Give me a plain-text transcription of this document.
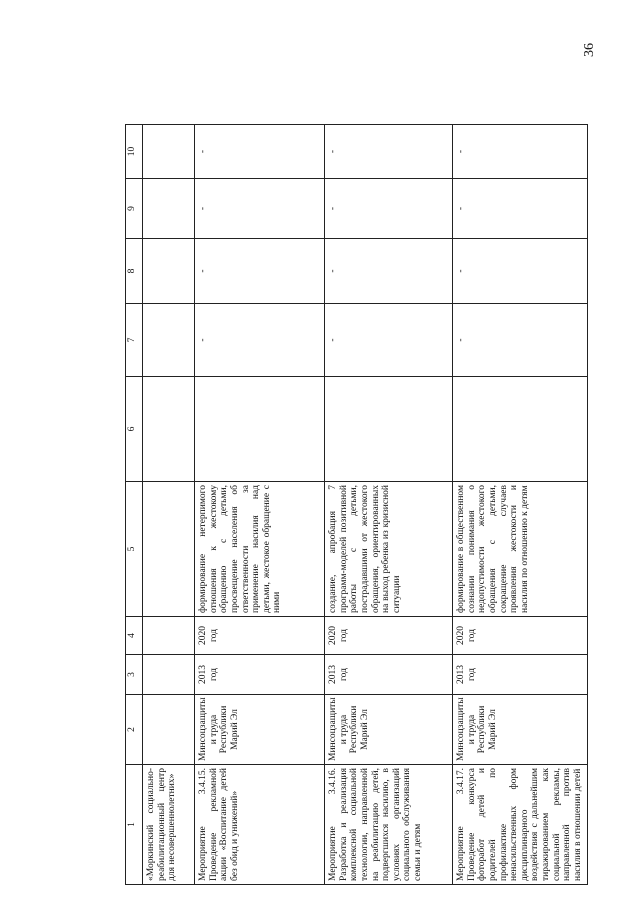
36
1	2	3	4	5	6	7	8	9	10
«Моркинский социально-реабилитационный центр для несовершеннолетних»									
Мероприятие 3.4.15. Проведение рекламной акции «Воспитание детей без обид и унижений»	Минсоцзащиты и труда Республики Марий Эл	2013 год	2020 год	формирование нетерпимого отношения к жестокому обращению с детьми, просвещение населения об ответственности за применение насилия над детьми, жестокое обращение с ними		-	-	-	-
Мероприятие 3.4.16. Разработка и реализация комплексной социальной технологии, направленной на реабилитацию детей, подвергшихся насилию, в условиях организаций социального обслуживания семьи и детям	Минсоцзащиты и труда Республики Марий Эл	2013 год	2020 год	создание, апробация 7 программ-моделей позитивной работы с детьми, пострадавшими от жестокого обращения, ориентированных на выход ребенка из кризисной ситуации		-	-	-	-
Мероприятие 3.4.17. Проведение конкурса фоторабот детей и родителей по профилактике ненасильственных форм дисциплинарного воздействия с дальнейшим тиражированием как социальной рекламы, направленной против насилия в отношении детей	Минсоцзащиты и труда Республики Марий Эл	2013 год	2020 год	формирование в общественном сознании понимания о недопустимости жестокого обращения с детьми, сокращение случаев проявления жестокости и насилия по отношению к детям		-	-	-	-
